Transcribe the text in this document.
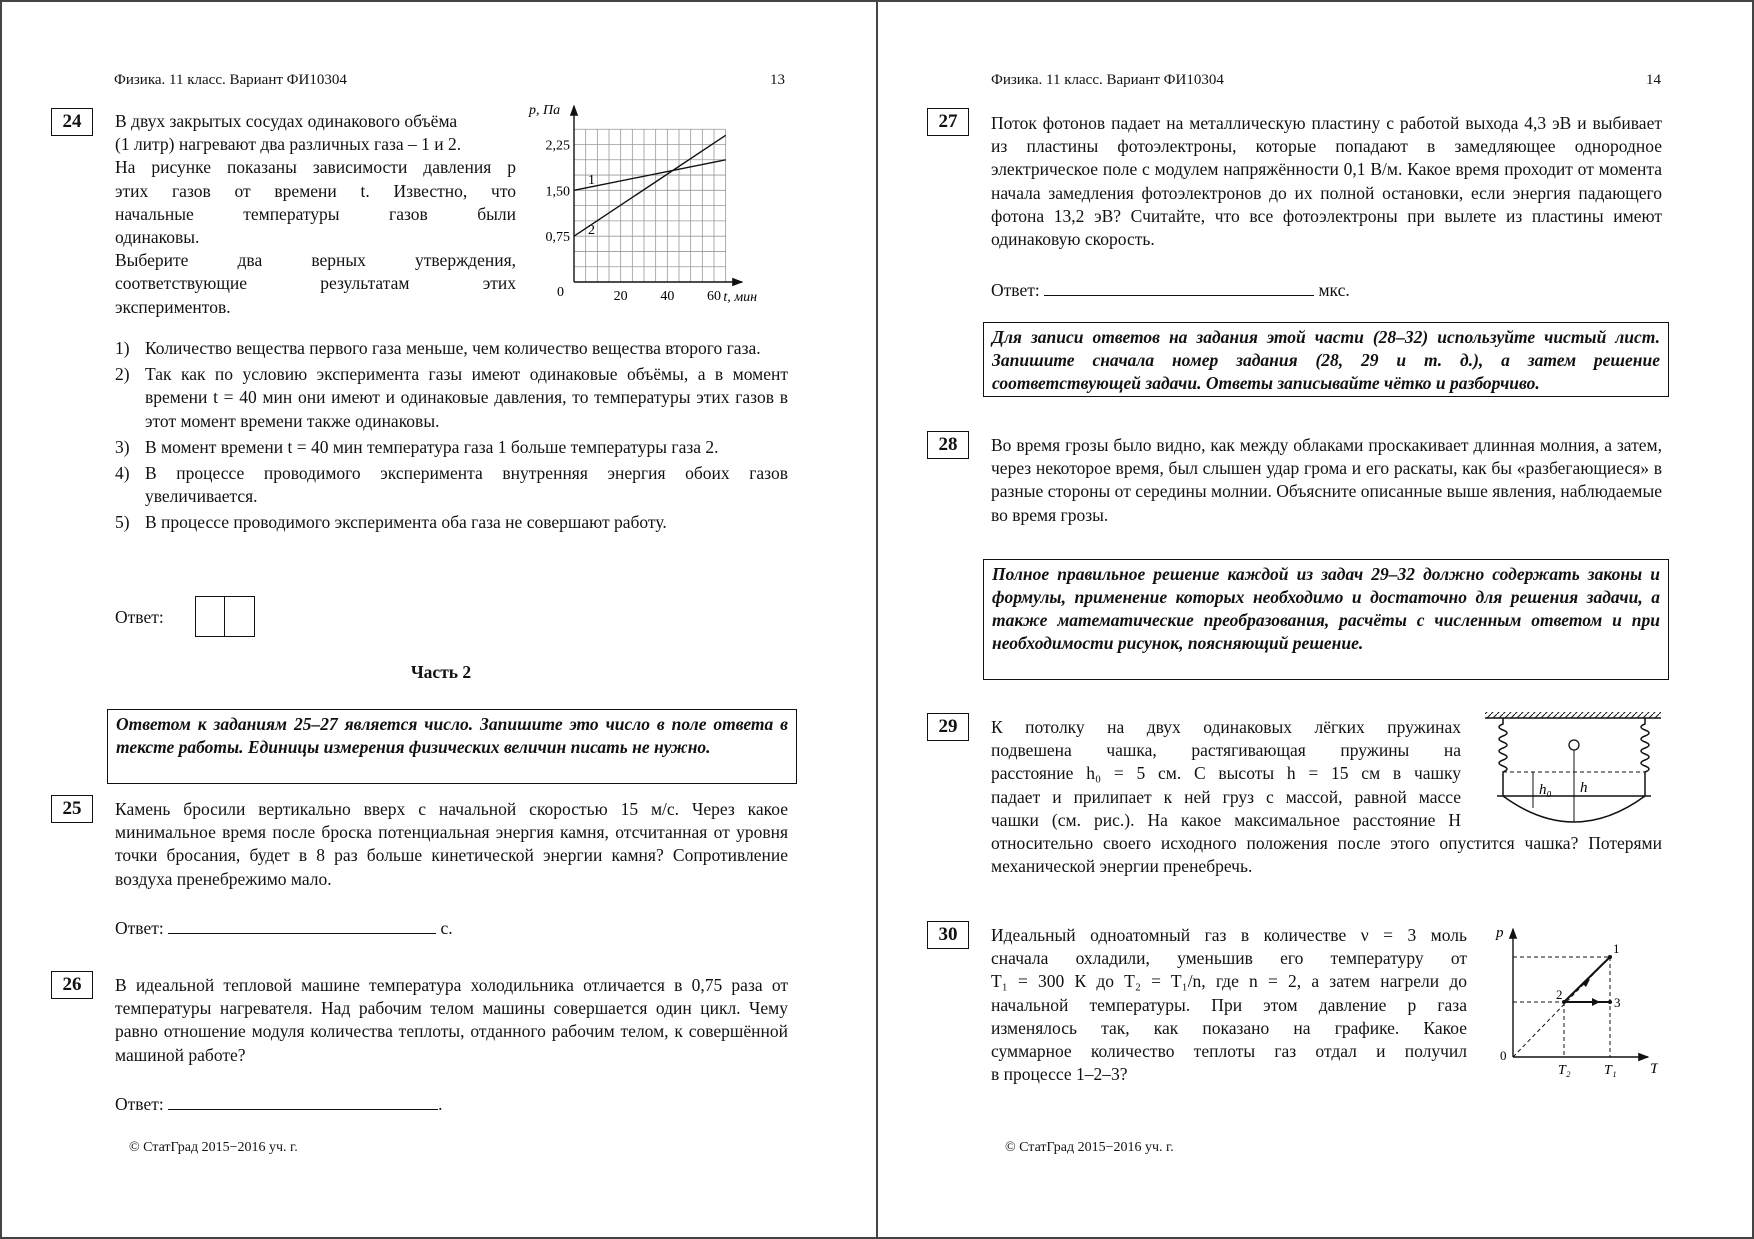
Физика. 11 класс. Вариант ФИ10304	13
24	В двух закрытых сосудах одинакового объёма
(1 литр) нагревают два различных газа – 1 и 2.
На рисунке показаны зависимости давления p
этих газов от времени t. Известно, что
начальные температуры газов были
одинаковы.
Выберите два верных утверждения,
соответствующие результатам этих
экспериментов.
1
2
0,75
1,50
2,25
20 40 60
0
p, Па
t, мин
1) Количество вещества первого газа меньше, чем количество вещества второго газа.
2) Так как по условию эксперимента газы имеют одинаковые объёмы, а в момент времени t = 40 мин они имеют и одинаковые давления, то температуры этих газов в этот момент времени также одинаковы.
3) В момент времени t = 40 мин температура газа 1 больше температуры газа 2.
4) В процессе проводимого эксперимента внутренняя энергия обоих газов увеличивается.
5) В процессе проводимого эксперимента оба газа не совершают работу.
Ответ:
Часть 2
Ответом к заданиям 25–27 является число. Запишите это число в поле ответа в тексте работы. Единицы измерения физических величин писать не нужно.
25	Камень бросили вертикально вверх с начальной скоростью 15 м/с. Через какое минимальное время после броска потенциальная энергия камня, отсчитанная от уровня точки бросания, будет в 8 раз больше кинетической энергии камня? Сопротивление воздуха пренебрежимо мало.
Ответ:	с.
26	В идеальной тепловой машине температура холодильника отличается в 0,75 раза от температуры нагревателя. Над рабочим телом машины совершается один цикл. Чему равно отношение модуля количества теплоты, отданного рабочим телом, к совершённой машиной работе?
Ответ:	.
© СтатГрад 2015−2016 уч. г.
Физика. 11 класс. Вариант ФИ10304	14
27	Поток фотонов падает на металлическую пластину с работой выхода 4,3 эВ и выбивает из пластины фотоэлектроны, которые попадают в замедляющее однородное электрическое поле с модулем напряжённости 0,1 В/м. Какое время проходит от момента начала замедления фотоэлектронов до их полной остановки, если энергия падающего фотона 13,2 эВ? Считайте, что все фотоэлектроны при вылете из пластины имеют одинаковую скорость.
Ответ:	мкс.
Для записи ответов на задания этой части (28–32) используйте чистый лист. Запишите сначала номер задания (28, 29 и т. д.), а затем решение соответствующей задачи. Ответы записывайте чётко и разборчиво.
28	Во время грозы было видно, как между облаками проскакивает длинная молния, а затем, через некоторое время, был слышен удар грома и его раскаты, как бы «разбегающиеся» в разные стороны от середины молнии. Объясните описанные выше явления, наблюдаемые во время грозы.
Полное правильное решение каждой из задач 29–32 должно содержать законы и формулы, применение которых необходимо и достаточно для решения задачи, а также математические преобразования, расчёты с численным ответом и при необходимости рисунок, поясняющий решение.
29	К потолку на двух одинаковых лёгких пружинах
подвешена чашка, растягивающая пружины на
расстояние h₀ = 5 см. С высоты h = 15 см в чашку
падает и прилипает к ней груз с массой, равной массе
чашки (см. рис.). На какое максимальное расстояние H
относительно своего исходного положения после этого опустится чашка? Потерями механической энергии пренебречь.
h₀ h
30	Идеальный одноатомный газ в количестве ν = 3 моль
сначала охладили, уменьшив его температуру от
T₁ = 300 К до T₂ = T₁/n, где n = 2, а затем нагрели до
начальной температуры. При этом давление p газа
изменялось так, как показано на графике. Какое
суммарное количество теплоты газ отдал и получил
в процессе 1–2–3?
p
T
0
1
2
3
T₂ T₁
© СтатГрад 2015−2016 уч. г.
